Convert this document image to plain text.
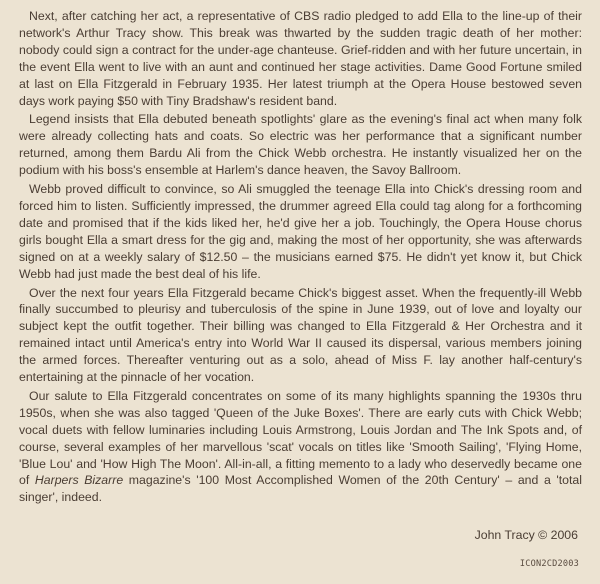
Next, after catching her act, a representative of CBS radio pledged to add Ella to the line-up of their network's Arthur Tracy show. This break was thwarted by the sudden tragic death of her mother: nobody could sign a contract for the under-age chanteuse. Grief-ridden and with her future uncertain, in the event Ella went to live with an aunt and continued her stage activities. Dame Good Fortune smiled at last on Ella Fitzgerald in February 1935. Her latest triumph at the Opera House bestowed seven days work paying $50 with Tiny Bradshaw's resident band.

Legend insists that Ella debuted beneath spotlights' glare as the evening's final act when many folk were already collecting hats and coats. So electric was her performance that a significant number returned, among them Bardu Ali from the Chick Webb orchestra. He instantly visualized her on the podium with his boss's ensemble at Harlem's dance heaven, the Savoy Ballroom.

Webb proved difficult to convince, so Ali smuggled the teenage Ella into Chick's dressing room and forced him to listen. Sufficiently impressed, the drummer agreed Ella could tag along for a forthcoming date and promised that if the kids liked her, he'd give her a job. Touchingly, the Opera House chorus girls bought Ella a smart dress for the gig and, making the most of her opportunity, she was afterwards signed on at a weekly salary of $12.50 – the musicians earned $75. He didn't yet know it, but Chick Webb had just made the best deal of his life.

Over the next four years Ella Fitzgerald became Chick's biggest asset. When the frequently-ill Webb finally succumbed to pleurisy and tuberculosis of the spine in June 1939, out of love and loyalty our subject kept the outfit together. Their billing was changed to Ella Fitzgerald & Her Orchestra and it remained intact until America's entry into World War II caused its dispersal, various members joining the armed forces. Thereafter venturing out as a solo, ahead of Miss F. lay another half-century's entertaining at the pinnacle of her vocation.

Our salute to Ella Fitzgerald concentrates on some of its many highlights spanning the 1930s thru 1950s, when she was also tagged 'Queen of the Juke Boxes'. There are early cuts with Chick Webb; vocal duets with fellow luminaries including Louis Armstrong, Louis Jordan and The Ink Spots and, of course, several examples of her marvellous 'scat' vocals on titles like 'Smooth Sailing', 'Flying Home, 'Blue Lou' and 'How High The Moon'. All-in-all, a fitting memento to a lady who deservedly became one of Harpers Bizarre magazine's '100 Most Accomplished Women of the 20th Century' – and a 'total singer', indeed.

John Tracy © 2006

ICON2CD2003
